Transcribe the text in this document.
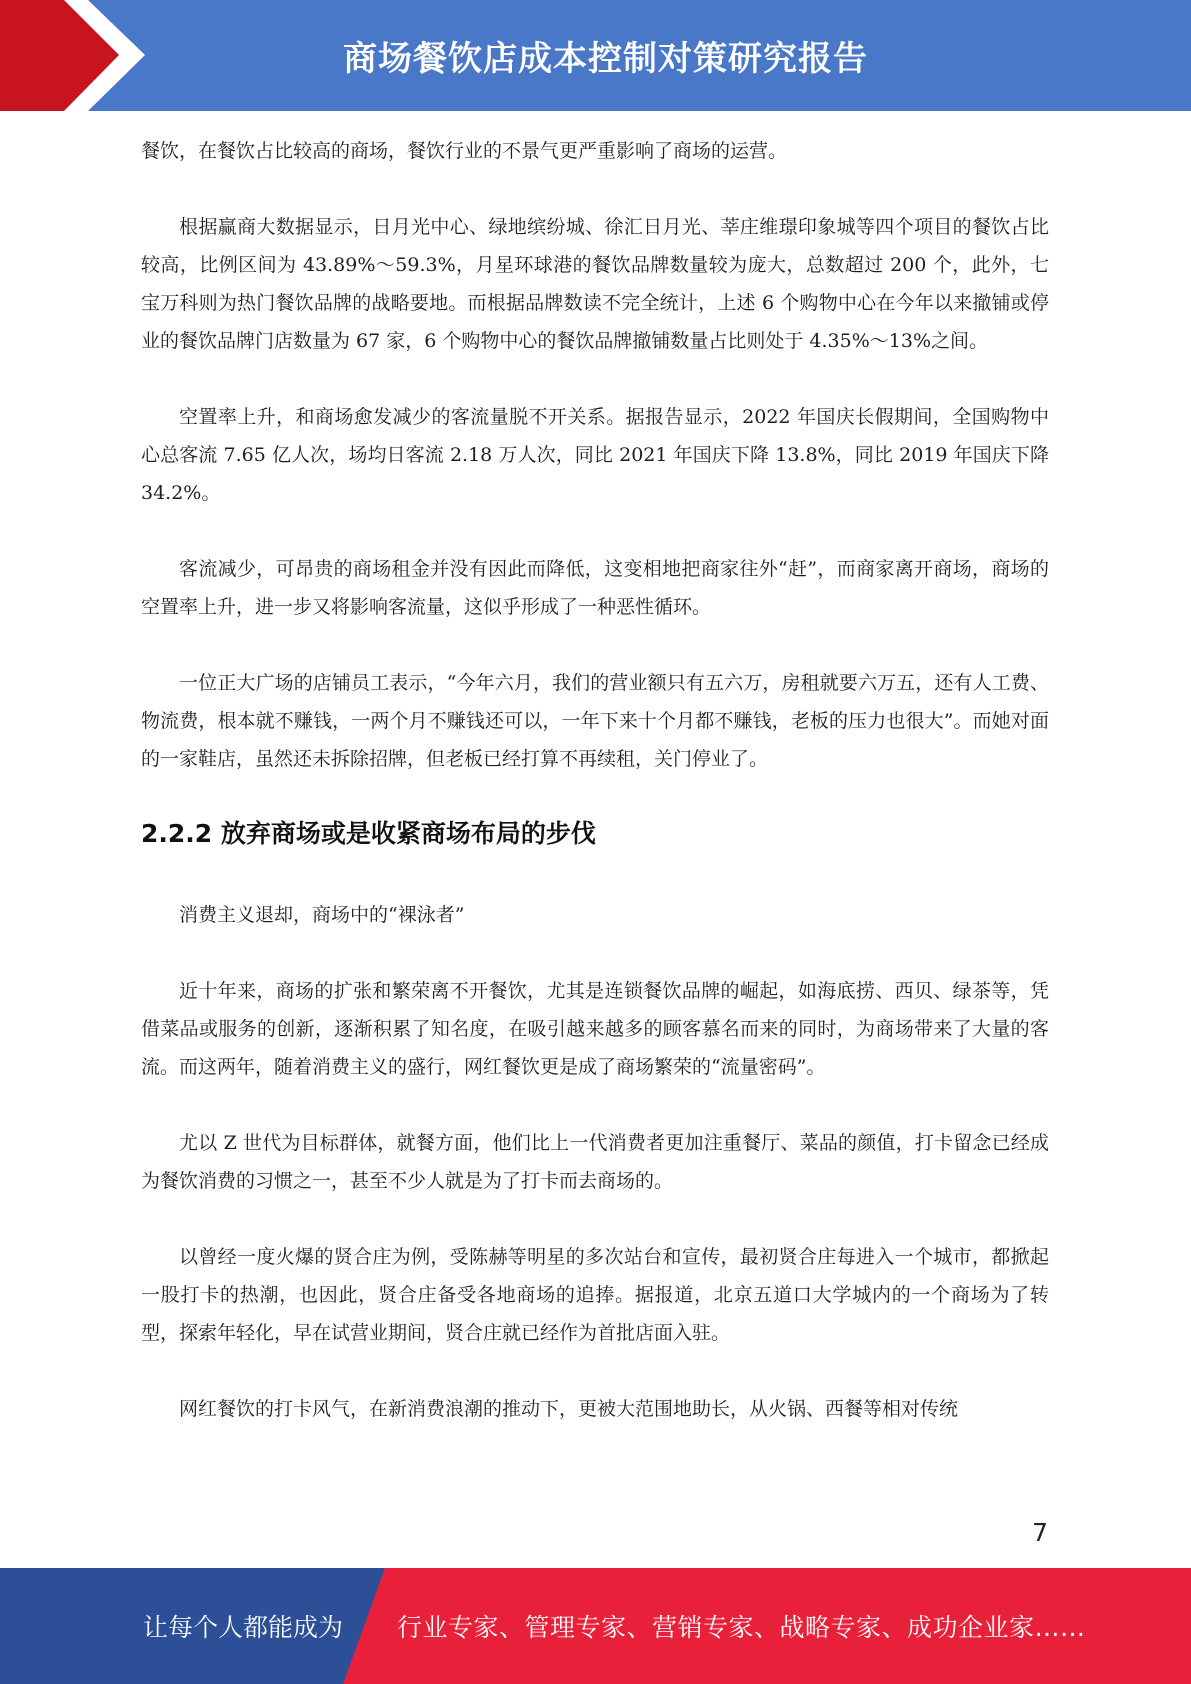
商场餐饮店成本控制对策研究报告

餐饮，在餐饮占比较高的商场，餐饮行业的不景气更严重影响了商场的运营。

根据赢商大数据显示，日月光中心、绿地缤纷城、徐汇日月光、莘庄维璟印象城等四个项目的餐饮占比较高，比例区间为 43.89%～59.3%，月星环球港的餐饮品牌数量较为庞大，总数超过 200 个，此外，七宝万科则为热门餐饮品牌的战略要地。而根据品牌数读不完全统计，上述 6 个购物中心在今年以来撤铺或停业的餐饮品牌门店数量为 67 家，6 个购物中心的餐饮品牌撤铺数量占比则处于 4.35%～13%之间。

空置率上升，和商场愈发减少的客流量脱不开关系。据报告显示，2022 年国庆长假期间，全国购物中心总客流 7.65 亿人次，场均日客流 2.18 万人次，同比 2021 年国庆下降 13.8%，同比 2019 年国庆下降 34.2%。

客流减少，可昂贵的商场租金并没有因此而降低，这变相地把商家往外“赶”，而商家离开商场，商场的空置率上升，进一步又将影响客流量，这似乎形成了一种恶性循环。

一位正大广场的店铺员工表示，“今年六月，我们的营业额只有五六万，房租就要六万五，还有人工费、物流费，根本就不赚钱，一两个月不赚钱还可以，一年下来十个月都不赚钱，老板的压力也很大”。而她对面的一家鞋店，虽然还未拆除招牌，但老板已经打算不再续租，关门停业了。

2.2.2 放弃商场或是收紧商场布局的步伐

消费主义退却，商场中的“裸泳者”

近十年来，商场的扩张和繁荣离不开餐饮，尤其是连锁餐饮品牌的崛起，如海底捞、西贝、绿茶等，凭借菜品或服务的创新，逐渐积累了知名度，在吸引越来越多的顾客慕名而来的同时，为商场带来了大量的客流。而这两年，随着消费主义的盛行，网红餐饮更是成了商场繁荣的“流量密码”。

尤以 Z 世代为目标群体，就餐方面，他们比上一代消费者更加注重餐厅、菜品的颜值，打卡留念已经成为餐饮消费的习惯之一，甚至不少人就是为了打卡而去商场的。

以曾经一度火爆的贤合庄为例，受陈赫等明星的多次站台和宣传，最初贤合庄每进入一个城市，都掀起一股打卡的热潮，也因此，贤合庄备受各地商场的追捧。据报道，北京五道口大学城内的一个商场为了转型，探索年轻化，早在试营业期间，贤合庄就已经作为首批店面入驻。

网红餐饮的打卡风气，在新消费浪潮的推动下，更被大范围地助长，从火锅、西餐等相对传统

7
让每个人都能成为 行业专家、管理专家、营销专家、战略专家、成功企业家……
